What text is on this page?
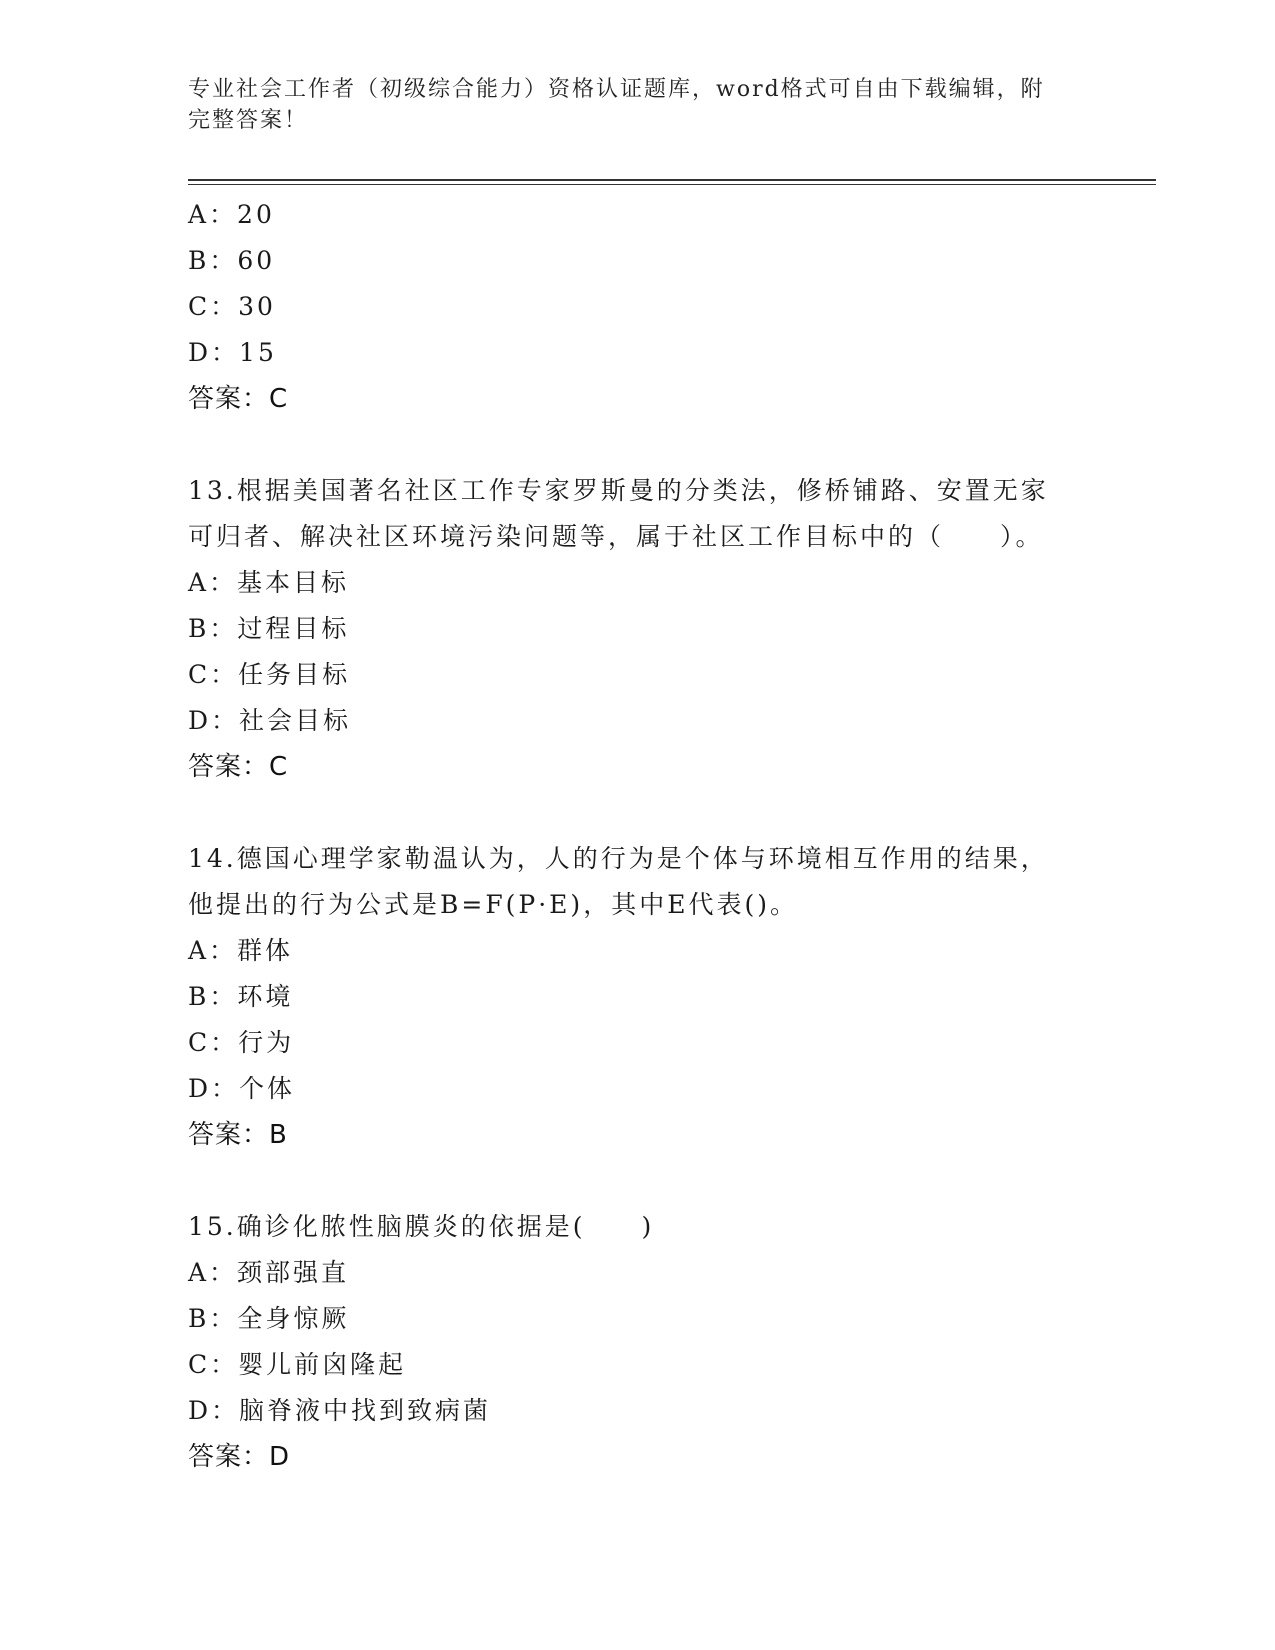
专业社会工作者（初级综合能力）资格认证题库，word格式可自由下载编辑，附
完整答案！
A：20
B：60
C：30
D：15
答案：C
13.根据美国著名社区工作专家罗斯曼的分类法，修桥铺路、安置无家
可归者、解决社区环境污染问题等，属于社区工作目标中的（　　）。
A：基本目标
B：过程目标
C：任务目标
D：社会目标
答案：C
14.德国心理学家勒温认为，人的行为是个体与环境相互作用的结果，
他提出的行为公式是B=F(P·E)，其中E代表()。
A：群体
B：环境
C：行为
D：个体
答案：B
15.确诊化脓性脑膜炎的依据是(　　)
A：颈部强直
B：全身惊厥
C：婴儿前囟隆起
D：脑脊液中找到致病菌
答案：D
